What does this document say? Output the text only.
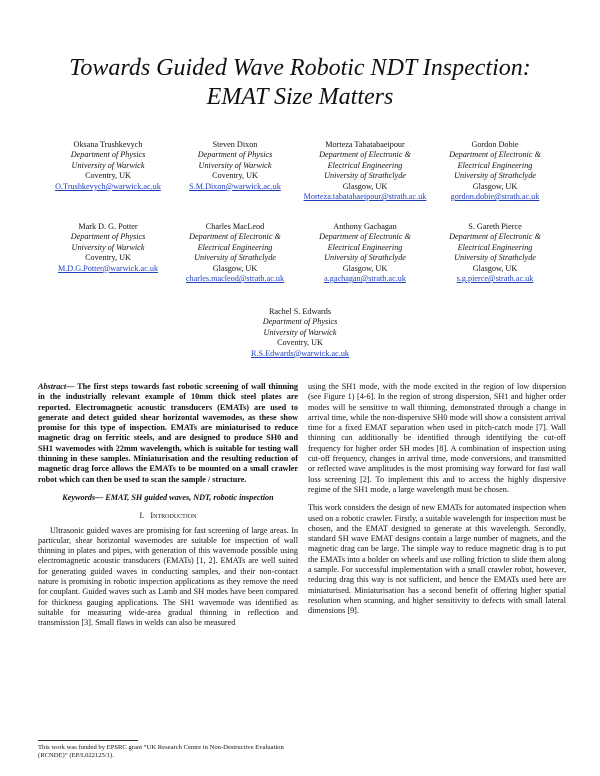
Towards Guided Wave Robotic NDT Inspection:
EMAT Size Matters
Oksana Trushkevych
Department of Physics
University of Warwick
Coventry, UK
O.Trushkevych@warwick.ac.uk
Steven Dixon
Department of Physics
University of Warwick
Coventry, UK
S.M.Dixon@warwick.ac.uk
Morteza Tabatabaeipour
Department of Electronic &
Electrical Engineering
University of Strathclyde
Glasgow, UK
Morteza.tabatabaeipour@strath.ac.uk
Gordon Dobie
Department of Electronic &
Electrical Engineering
University of Strathclyde
Glasgow, UK
gordon.dobie@strath.ac.uk
Mark D. G. Potter
Department of Physics
University of Warwick
Coventry, UK
M.D.G.Potter@warwick.ac.uk
Charles MacLeod
Department of Electronic &
Electrical Engineering
University of Strathclyde
Glasgow, UK
charles.macleod@strath.ac.uk
Anthony Gachagan
Department of Electronic &
Electrical Engineering
University of Strathclyde
Glasgow, UK
a.gachagan@strath.ac.uk
S. Gareth Pierce
Department of Electronic &
Electrical Engineering
University of Strathclyde
Glasgow, UK
s.g.pierce@strath.ac.uk
Rachel S. Edwards
Department of Physics
University of Warwick
Coventry, UK
R.S.Edwards@warwick.ac.uk

Abstract— The first steps towards fast robotic screening of wall thinning in the industrially relevant example of 10mm thick steel plates are reported. Electromagnetic acoustic transducers (EMATs) are used to generate and detect guided shear horizontal wavemodes, as these show promise for this type of inspection. EMATs are miniaturised to reduce magnetic drag on ferritic steels, and are designed to produce SH0 and SH1 wavemodes with 22mm wavelength, which is suitable for testing wall thinning in these samples. Miniaturisation and the resulting reduction of magnetic drag force allows the EMATs to be mounted on a small crawler robot which can then be used to scan the sample / structure.

Keywords— EMAT, SH guided waves, NDT, robotic inspection

I. Introduction

Ultrasonic guided waves are promising for fast screening of large areas. In particular, shear horizontal wavemodes are suitable for inspection of wall thinning in plates and pipes, with generation of this wavemode possible using electromagnetic acoustic transducers (EMATs) [1, 2]. EMATs are well suited for generating guided waves in conducting samples, and their non-contact nature is promising in robotic inspection applications as they remove the need for couplant. Guided waves such as Lamb and SH modes have been compared for thickness gauging applications. The SH1 wavemode was identified as suitable for measuring wide-area gradual thinning in reflection and transmission [3]. Small flaws in welds can also be measured

using the SH1 mode, with the mode excited in the region of low dispersion (see Figure 1) [4-6]. In the region of strong dispersion, SH1 and higher order modes will be sensitive to wall thinning, demonstrated through a change in arrival time, while the non-dispersive SH0 mode will show a consistent arrival time for a fixed EMAT separation when used in pitch-catch mode [7]. Wall thinning can additionally be identified through identifying the cut-off frequency for higher order SH modes [8]. A combination of inspection using cut-off frequency, changes in arrival time, mode conversions, and transmitted or reflected wave amplitudes is the most promising way forward for fast wall loss screening [2]. To implement this and to access the highly dispersive regime of the SH1 mode, a large wavelength must be chosen.

This work considers the design of new EMATs for automated inspection when used on a robotic crawler. Firstly, a suitable wavelength for inspection must be chosen, and the EMAT designed to generate at this wavelength. Secondly, standard SH wave EMAT designs contain a large number of magnets, and the magnetic drag can be large. The simple way to reduce magnetic drag is to put the EMATs into a holder on wheels and use rolling friction to slide them along a sample. For successful implementation with a small crawler robot, however, reducing drag this way is not sufficient, and hence the EMATs used here are miniaturised. Miniaturisation has a second benefit of offering higher spatial resolution when scanning, and higher sensitivity to defects with small lateral dimensions [9].

This work was funded by EPSRC grant “UK Research Centre in Non-Destructive Evaluation (RCNDE)” (EP/L022125/1).
